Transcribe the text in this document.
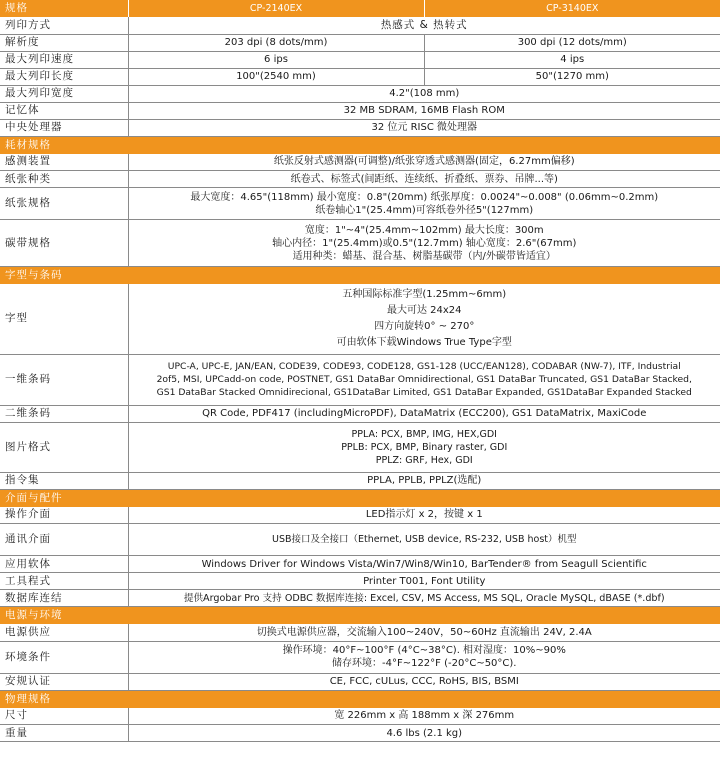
规格	CP-2140EX	CP-3140EX
列印方式	热感式 & 热转式	
解析度	203 dpi (8 dots/mm)	300 dpi (12 dots/mm)
最大列印速度	6 ips	4 ips
最大列印长度	100"(2540 mm)	50"(1270 mm)
最大列印宽度	4.2"(108 mm)	
记忆体	32 MB SDRAM, 16MB Flash ROM	
中央处理器	32 位元 RISC 微处理器	
耗材规格		
感测装置	纸张反射式感测器(可调整)/纸张穿透式感测器(固定，6.27mm偏移)	
纸张种类	纸卷式、标签式(间距纸、连续纸、折叠纸、票券、吊牌...等)	
纸张规格	最大宽度：4.65"(118mm) 最小宽度：0.8"(20mm) 纸张厚度：0.0024"~0.008" (0.06mm~0.2mm)
纸卷轴心1"(25.4mm)可容纸卷外径5"(127mm)	

碳带规格	宽度：1"~4"(25.4mm~102mm) 最大长度：300m
轴心内径：1"(25.4mm)或0.5"(12.7mm) 轴心宽度：2.6"(67mm)
适用种类：蜡基、混合基、树脂基碳带（内/外碳带皆适宜）	

字型与条码		
字型	五种国际标准字型(1.25mm~6mm)
最大可达 24x24
四方向旋转0° ~ 270°
可由软体下载Windows True Type字型	

一维条码	UPC-A, UPC-E, JAN/EAN, CODE39, CODE93, CODE128, GS1-128 (UCC/EAN128), CODABAR (NW-7), ITF, Industrial
2of5, MSI, UPCadd-on code, POSTNET, GS1 DataBar Omnidirectional, GS1 DataBar Truncated, GS1 DataBar Stacked,
GS1 DataBar Stacked Omnidirecional, GS1DataBar Limited, GS1 DataBar Expanded, GS1DataBar Expanded Stacked	

二维条码	QR Code, PDF417 (includingMicroPDF), DataMatrix (ECC200), GS1 DataMatrix, MaxiCode	
图片格式	PPLA: PCX, BMP, IMG, HEX,GDI
PPLB: PCX, BMP, Binary raster, GDI
PPLZ: GRF, Hex, GDI	

指令集	PPLA, PPLB, PPLZ(选配)	
介面与配件		
操作介面	LED指示灯 x 2，按键 x 1	
通讯介面	USB接口及全接口（Ethernet, USB device, RS-232, USB host）机型	
应用软体	Windows Driver for Windows Vista/Win7/Win8/Win10, BarTender® from Seagull Scientific	
工具程式	Printer T001, Font Utility	
数据库连结	提供Argobar Pro 支持 ODBC 数据库连接: Excel, CSV, MS Access, MS SQL, Oracle MySQL, dBASE (*.dbf)	
电源与环境		
电源供应	切换式电源供应器，交流输入100~240V，50~60Hz 直流输出 24V, 2.4A	
环境条件	操作环境：40°F~100°F (4°C~38°C). 相对湿度：10%~90%
储存环境：-4°F~122°F (-20°C~50°C).	

安规认证	CE, FCC, cULus, CCC, RoHS, BIS, BSMI	
物理规格		
尺寸	宽 226mm x 高 188mm x 深 276mm	
重量	4.6 lbs (2.1 kg)	
